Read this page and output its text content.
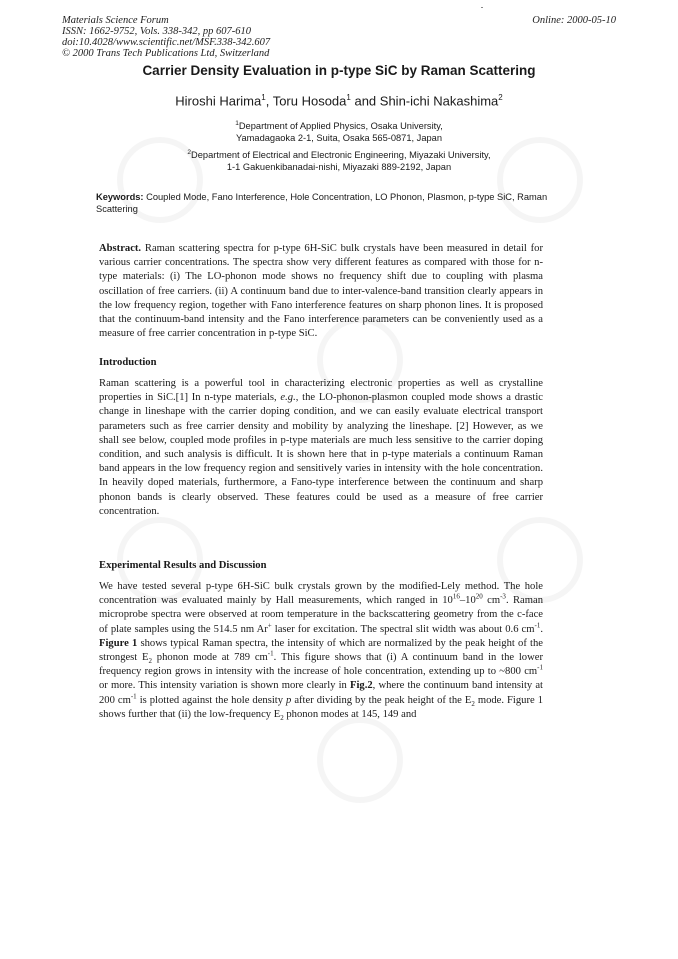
Materials Science Forum
ISSN: 1662-9752, Vols. 338-342, pp 607-610
doi:10.4028/www.scientific.net/MSF.338-342.607
© 2000 Trans Tech Publications Ltd, Switzerland
Online: 2000-05-10
Carrier Density Evaluation in p-type SiC by Raman Scattering
Hiroshi Harima$^1$, Toru Hosoda$^1$ and Shin-ichi Nakashima$^2$
$^1$Department of Applied Physics, Osaka University,
Yamadagaoka 2-1, Suita, Osaka 565-0871, Japan
$^2$Department of Electrical and Electronic Engineering, Miyazaki University,
1-1 Gakuenkibanadai-nishi, Miyazaki 889-2192, Japan
Keywords: Coupled Mode, Fano Interference, Hole Concentration, LO Phonon, Plasmon, p-type SiC, Raman Scattering
Abstract. Raman scattering spectra for p-type 6H-SiC bulk crystals have been measured in detail for various carrier concentrations. The spectra show very different features as compared with those for n-type materials: (i) The LO-phonon mode shows no frequency shift due to coupling with plasma oscillation of free carriers. (ii) A continuum band due to inter-valence-band transition clearly appears in the low frequency region, together with Fano interference features on sharp phonon lines. It is proposed that the continuum-band intensity and the Fano interference parameters can be conveniently used as a measure of free carrier concentration in p-type SiC.
Introduction
Raman scattering is a powerful tool in characterizing electronic properties as well as crystalline properties in SiC.[1] In n-type materials, e.g., the LO-phonon-plasmon coupled mode shows a drastic change in lineshape with the carrier doping condition, and we can easily evaluate electrical transport parameters such as free carrier density and mobility by analyzing the lineshape. [2] However, as we shall see below, coupled mode profiles in p-type materials are much less sensitive to the carrier doping condition, and such analysis is difficult. It is shown here that in p-type materials a continuum Raman band appears in the low frequency region and sensitively varies in intensity with the hole concentration. In heavily doped materials, furthermore, a Fano-type interference between the continuum and sharp phonon bands is clearly observed. These features could be used as a measure of free carrier concentration.
Experimental Results and Discussion
We have tested several p-type 6H-SiC bulk crystals grown by the modified-Lely method. The hole concentration was evaluated mainly by Hall measurements, which ranged in $10^{16}-10^{20}$ $cm^{-3}$. Raman microprobe spectra were observed at room temperature in the backscattering geometry from the c-face of plate samples using the 514.5 nm Ar+ laser for excitation. The spectral slit width was about 0.6 $cm^{-1}$. Figure 1 shows typical Raman spectra, the intensity of which are normalized by the peak height of the strongest $E_2$ phonon mode at 789 $cm^{-1}$. This figure shows that (i) A continuum band in the lower frequency region grows in intensity with the increase of hole concentration, extending up to ~800 $cm^{-1}$ or more. This intensity variation is shown more clearly in Fig.2, where the continuum band intensity at 200 $cm^{-1}$ is plotted against the hole density p after dividing by the peak height of the $E_2$ mode. Figure 1 shows further that (ii) the low-frequency $E_2$ phonon modes at 145, 149 and
